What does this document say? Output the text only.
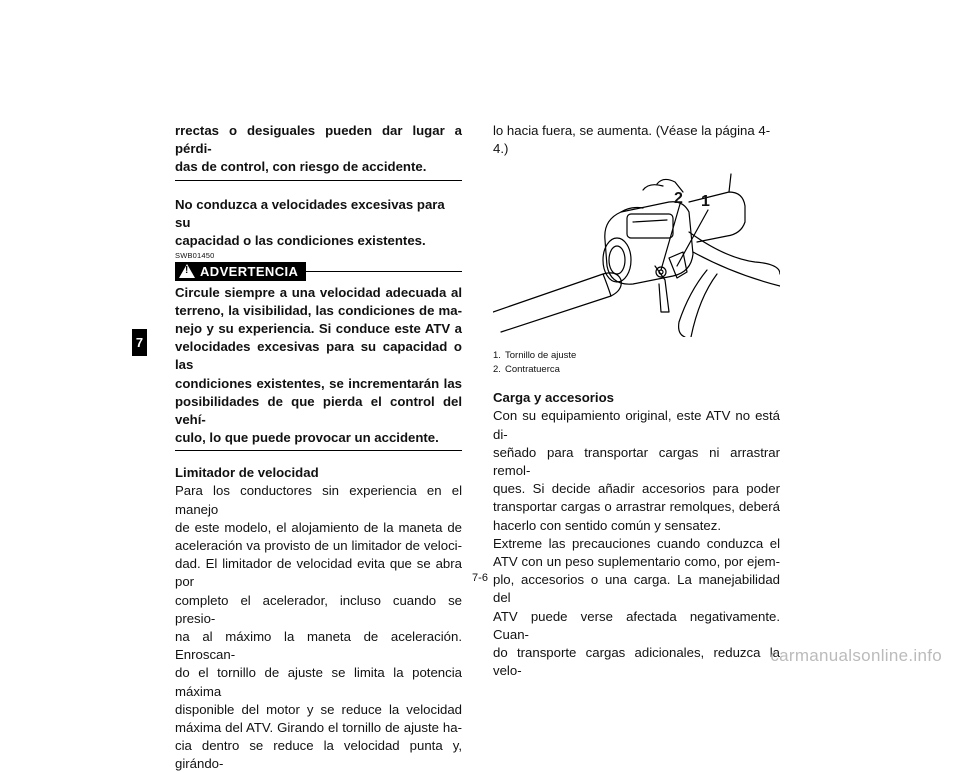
7

rrectas o desiguales pueden dar lugar a pérdi-

das de control, con riesgo de accidente.

No conduzca a velocidades excesivas para su

capacidad o las condiciones existentes.

SWB01450
!
ADVERTENCIA

Circule siempre a una velocidad adecuada al

terreno, la visibilidad, las condiciones de ma-

nejo y su experiencia. Si conduce este ATV a

velocidades excesivas para su capacidad o las

condiciones existentes, se incrementarán las

posibilidades de que pierda el control del vehí-

culo, lo que puede provocar un accidente.

Limitador de velocidad

Para los conductores sin experiencia en el manejo
de este modelo, el alojamiento de la maneta de
aceleración va provisto de un limitador de veloci-
dad. El limitador de velocidad evita que se abra por
completo el acelerador, incluso cuando se presio-
na al máximo la maneta de aceleración. Enroscan-
do el tornillo de ajuste se limita la potencia máxima
disponible del motor y se reduce la velocidad
máxima del ATV. Girando el tornillo de ajuste ha-
cia dentro se reduce la velocidad punta y, girándo-

lo hacia fuera, se aumenta. (Véase la página 4-4.)

2 1

1. Tornillo de ajuste

2. Contratuerca

Carga y accesorios

Con su equipamiento original, este ATV no está di-
señado para transportar cargas ni arrastrar remol-
ques. Si decide añadir accesorios para poder
transportar cargas o arrastrar remolques, deberá
hacerlo con sentido común y sensatez.
Extreme las precauciones cuando conduzca el
ATV con un peso suplementario como, por ejem-
plo, accesorios o una carga. La manejabilidad del
ATV puede verse afectada negativamente. Cuan-
do transporte cargas adicionales, reduzca la velo-
7-6
carmanualsonline.info
